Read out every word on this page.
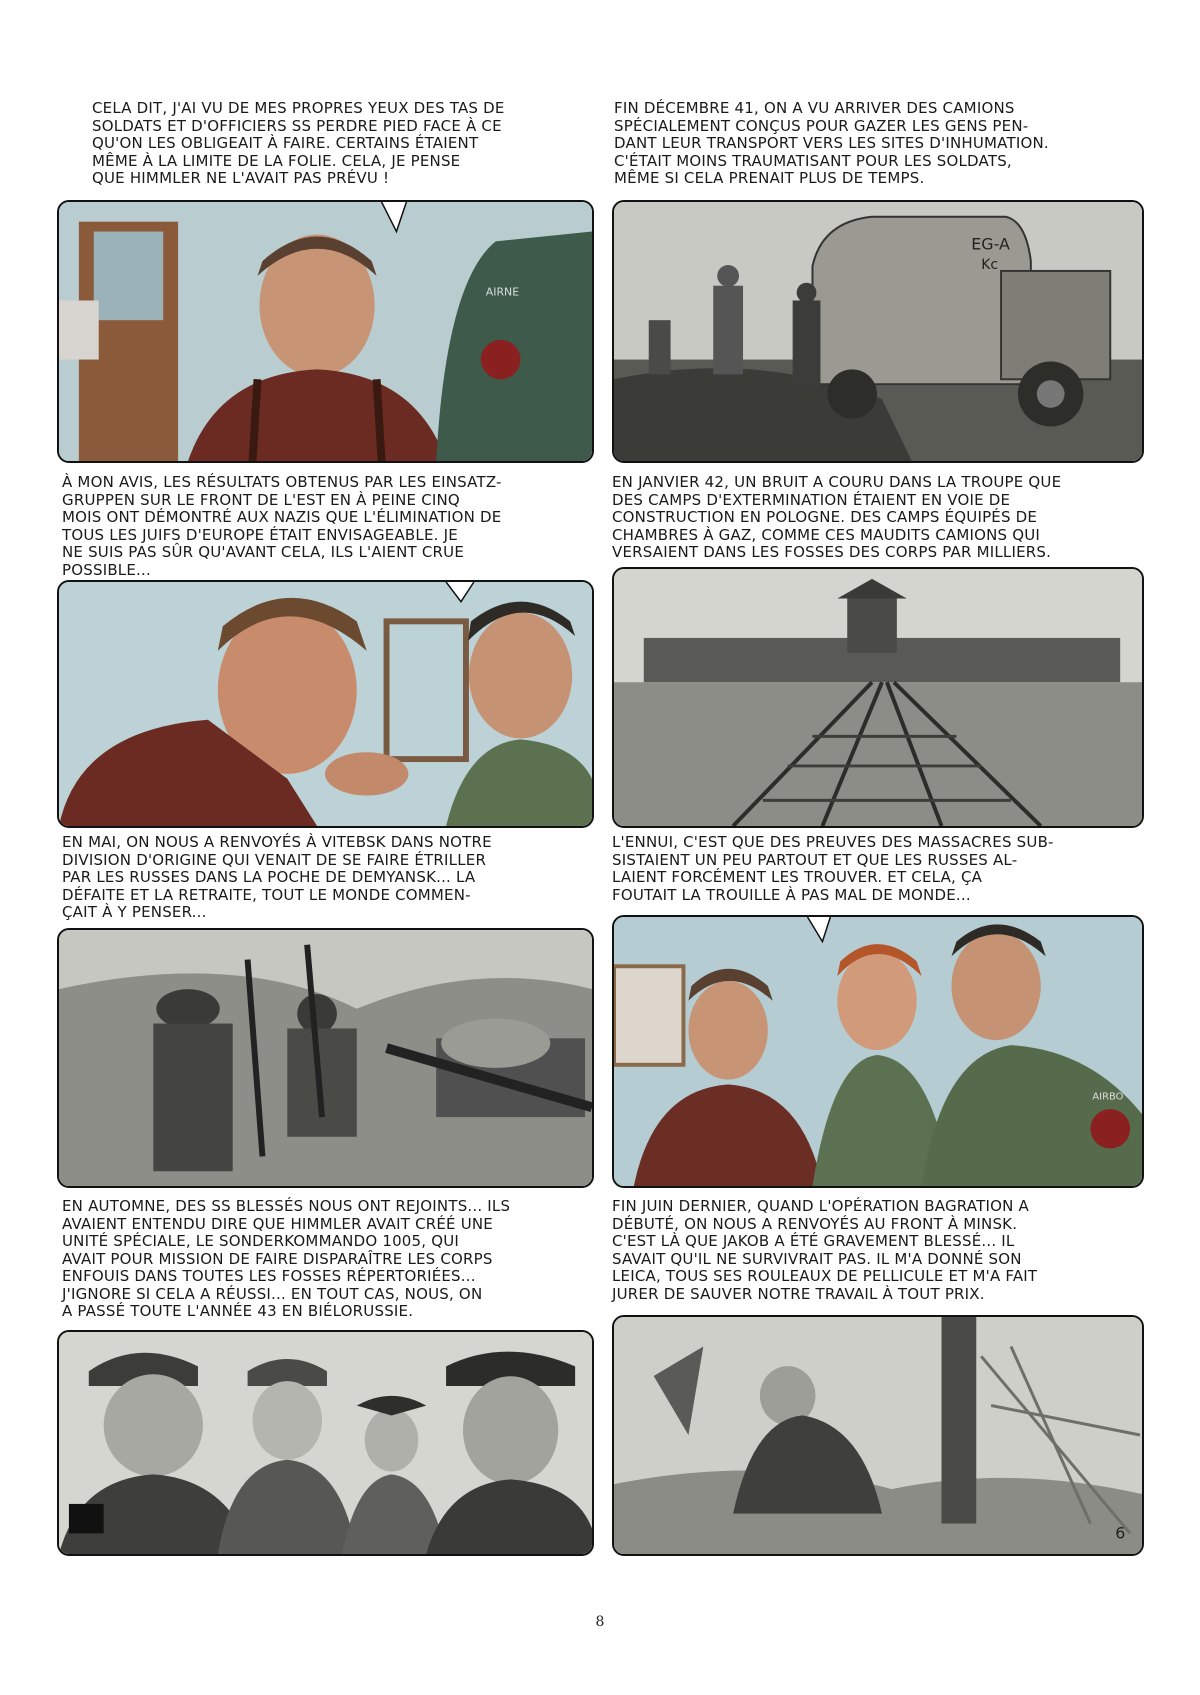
CELA DIT, J'AI VU DE MES PROPRES YEUX DES TAS DE

SOLDATS ET D'OFFICIERS SS PERDRE PIED FACE À CE

QU'ON LES OBLIGEAIT À FAIRE. CERTAINS ÉTAIENT

MÊME À LA LIMITE DE LA FOLIE. CELA, JE PENSE

QUE HIMMLER NE L'AVAIT PAS PRÉVU !

FIN DÉCEMBRE 41, ON A VU ARRIVER DES CAMIONS

SPÉCIALEMENT CONÇUS POUR GAZER LES GENS PEN-

DANT LEUR TRANSPORT VERS LES SITES D'INHUMATION.

C'ÉTAIT MOINS TRAUMATISANT POUR LES SOLDATS,

MÊME SI CELA PRENAIT PLUS DE TEMPS.

AIRNE
EG-A
Kc

À MON AVIS, LES RÉSULTATS OBTENUS PAR LES EINSATZ-

GRUPPEN SUR LE FRONT DE L'EST EN À PEINE CINQ

MOIS ONT DÉMONTRÉ AUX NAZIS QUE L'ÉLIMINATION DE

TOUS LES JUIFS D'EUROPE ÉTAIT ENVISAGEABLE. JE

NE SUIS PAS SÛR QU'AVANT CELA, ILS L'AIENT CRUE

POSSIBLE...

EN JANVIER 42, UN BRUIT A COURU DANS LA TROUPE QUE

DES CAMPS D'EXTERMINATION ÉTAIENT EN VOIE DE

CONSTRUCTION EN POLOGNE. DES CAMPS ÉQUIPÉS DE

CHAMBRES À GAZ, COMME CES MAUDITS CAMIONS QUI

VERSAIENT DANS LES FOSSES DES CORPS PAR MILLIERS.

EN MAI, ON NOUS A RENVOYÉS À VITEBSK DANS NOTRE

DIVISION D'ORIGINE QUI VENAIT DE SE FAIRE ÉTRILLER

PAR LES RUSSES DANS LA POCHE DE DEMYANSK... LA

DÉFAITE ET LA RETRAITE, TOUT LE MONDE COMMEN-

ÇAIT À Y PENSER...

L'ENNUI, C'EST QUE DES PREUVES DES MASSACRES SUB-

SISTAIENT UN PEU PARTOUT ET QUE LES RUSSES AL-

LAIENT FORCÉMENT LES TROUVER. ET CELA, ÇA

FOUTAIT LA TROUILLE À PAS MAL DE MONDE...

AIRBO

EN AUTOMNE, DES SS BLESSÉS NOUS ONT REJOINTS... ILS

AVAIENT ENTENDU DIRE QUE HIMMLER AVAIT CRÉÉ UNE

UNITÉ SPÉCIALE, LE SONDERKOMMANDO 1005, QUI

AVAIT POUR MISSION DE FAIRE DISPARAÎTRE LES CORPS

ENFOUIS DANS TOUTES LES FOSSES RÉPERTORIÉES...

J'IGNORE SI CELA A RÉUSSI... EN TOUT CAS, NOUS, ON

A PASSÉ TOUTE L'ANNÉE 43 EN BIÉLORUSSIE.

FIN JUIN DERNIER, QUAND L'OPÉRATION BAGRATION A

DÉBUTÉ, ON NOUS A RENVOYÉS AU FRONT À MINSK.

C'EST LÀ QUE JAKOB A ÉTÉ GRAVEMENT BLESSÉ... IL

SAVAIT QU'IL NE SURVIVRAIT PAS. IL M'A DONNÉ SON

LEICA, TOUS SES ROULEAUX DE PELLICULE ET M'A FAIT

JURER DE SAUVER NOTRE TRAVAIL À TOUT PRIX.

6
8
